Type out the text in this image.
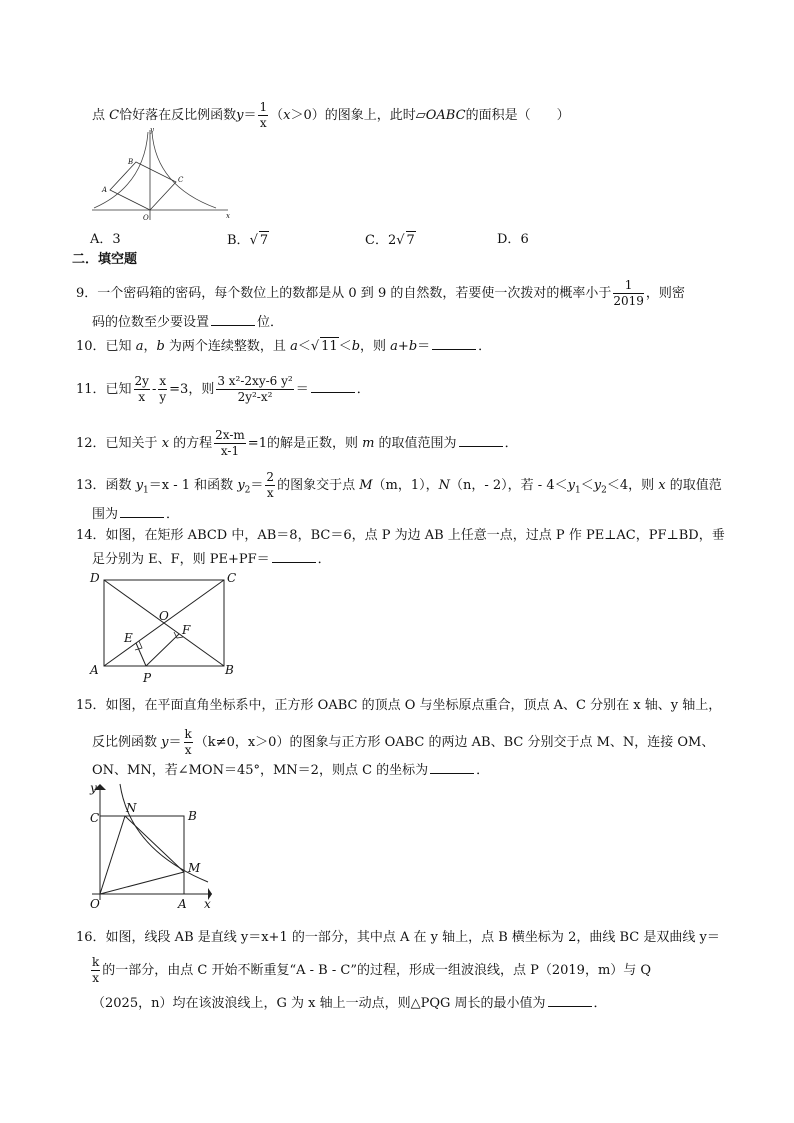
点 C恰好落在反比例函数$y= \frac{1}{x} (x>0)$的图象上，此时▱OABC的面积是（　　）
y
x
O
A
B
C
A．3	B．√ 7	C．2√ 7	D．6
二．填空题
9．一个密码箱的密码，每个数位上的数都是从 0 到 9 的自然数，若要使一次拨对的概率小于 $\frac{1}{2019}$ ，则密
码的位数至少要设置	位．
10．已知 a，b 为两个连续整数，且 a＜√ 11＜b，则 a+b＝	．
11．已知 $\frac{2y}{x} - \frac{x}{y} =3$，则 $\frac{\text{3 x²-2xy-6 y²}}{\text{2y²-x²}}$ ＝	．
12．已知关于 x 的方程 $\frac{2x-m}{x-1} =1$的解是正数，则 m 的取值范围为	．
13．函数 $y_1=x - 1$ 和函数 $y_2= \frac{2}{x}$ 的图象交于点 M（m，1），N（n，- 2），若 - $4<y_1<y_2<4$，则 x 的取值范
围为	．
14．如图，在矩形 ABCD 中，AB＝8，BC＝6，点 P 为边 AB 上任意一点，过点 P 作 PE⊥AC，PF⊥BD，垂
足分别为 E、F，则 PE+PF＝	．
D	C
O
E
F
A	B
P
15．如图，在平面直角坐标系中，正方形 OABC 的顶点 O 与坐标原点重合，顶点 A、C 分别在 x 轴、y 轴上，
反比例函数 $y= \frac{k}{x} (k\ne 0$，x＞0）的图象与正方形 OABC 的两边 AB、BC 分别交于点 M、N，连接 OM、
ON、MN，若∠MON＝45°，MN＝2，则点 C 的坐标为	．
y
x
O	A
B
C
N
M
16．如图，线段 AB 是直线 y＝x+1 的一部分，其中点 A 在 y 轴上，点 B 横坐标为 2，曲线 BC 是双曲线 y＝
$\frac{k}{x}$ 的一部分，由点 C 开始不断重复“A - B - C”的过程，形成一组波浪线，点 P（2019，m）与 Q
（2025，n）均在该波浪线上，G 为 x 轴上一动点，则△PQG 周长的最小值为	．
